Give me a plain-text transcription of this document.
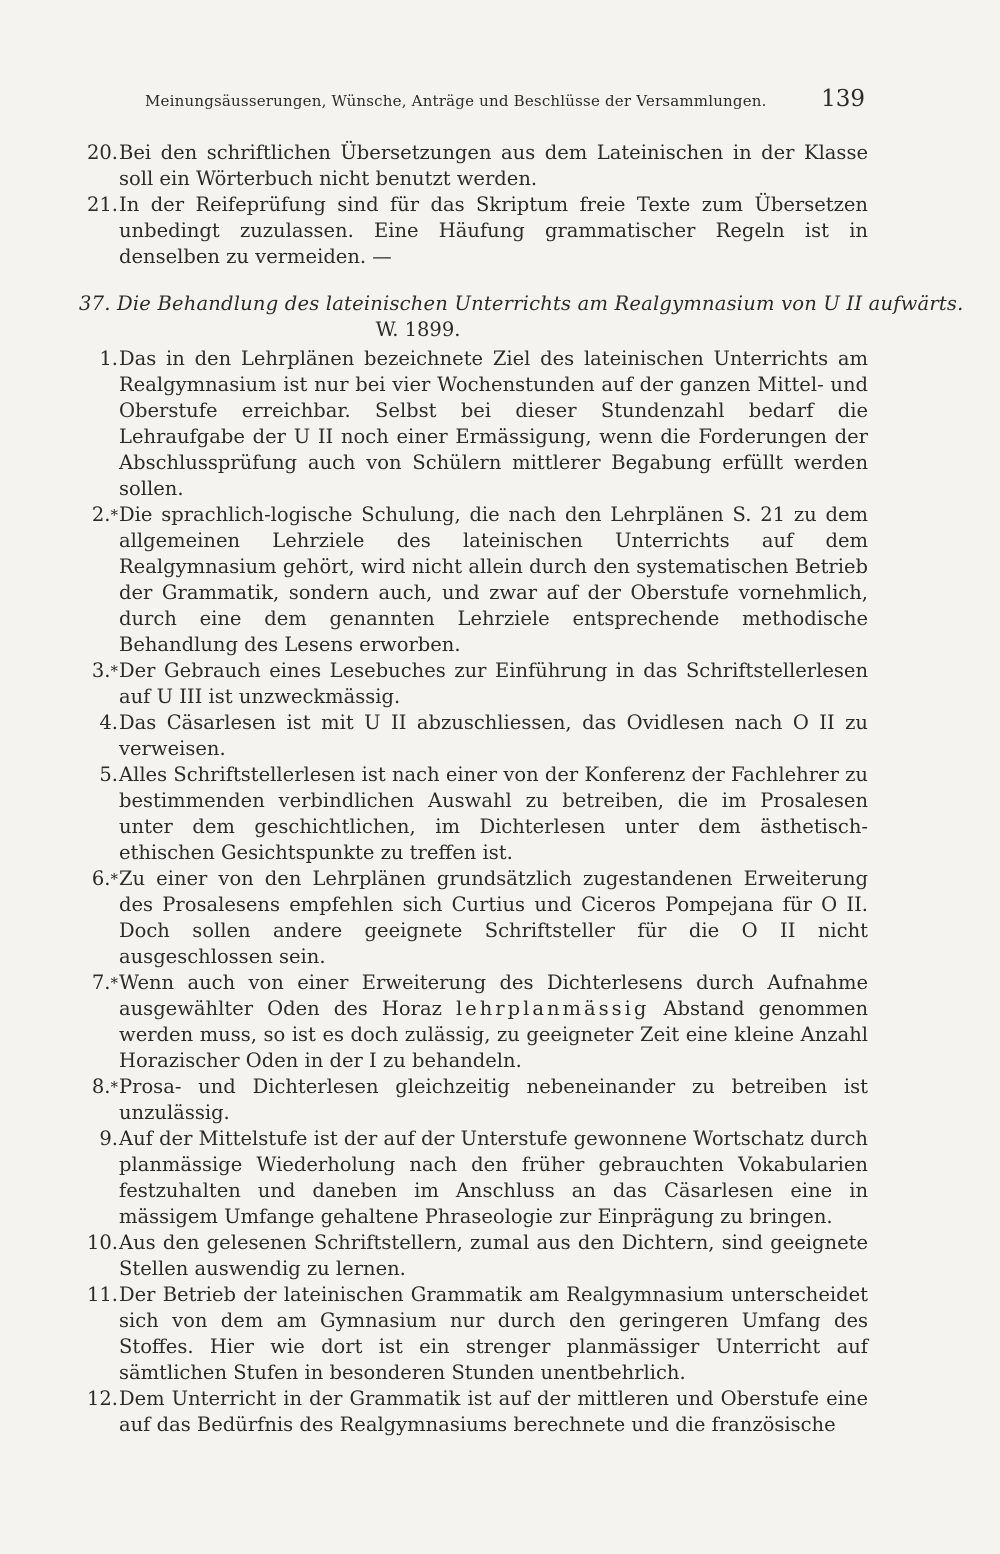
Meinungsäusserungen, Wünsche, Anträge und Beschlüsse der Versammlungen. 139
20. Bei den schriftlichen Übersetzungen aus dem Lateinischen in der Klasse soll ein Wörterbuch nicht benutzt werden.
21. In der Reifeprüfung sind für das Skriptum freie Texte zum Übersetzen unbedingt zuzulassen. Eine Häufung grammatischer Regeln ist in denselben zu vermeiden. —
37. Die Behandlung des lateinischen Unterrichts am Realgymnasium von U II aufwärts.
W. 1899.
1. Das in den Lehrplänen bezeichnete Ziel des lateinischen Unterrichts am Realgymnasium ist nur bei vier Wochenstunden auf der ganzen Mittel- und Oberstufe erreichbar. Selbst bei dieser Stundenzahl bedarf die Lehraufgabe der U II noch einer Ermässigung, wenn die Forderungen der Abschlussprüfung auch von Schülern mittlerer Begabung erfüllt werden sollen.
2.* Die sprachlich-logische Schulung, die nach den Lehrplänen S. 21 zu dem allgemeinen Lehrziele des lateinischen Unterrichts auf dem Realgymnasium gehört, wird nicht allein durch den systematischen Betrieb der Grammatik, sondern auch, und zwar auf der Oberstufe vornehmlich, durch eine dem genannten Lehrziele entsprechende methodische Behandlung des Lesens erworben.
3.* Der Gebrauch eines Lesebuches zur Einführung in das Schriftstellerlesen auf U III ist unzweckmässig.
4. Das Cäsarlesen ist mit U II abzuschliessen, das Ovidlesen nach O II zu verweisen.
5. Alles Schriftstellerlesen ist nach einer von der Konferenz der Fachlehrer zu bestimmenden verbindlichen Auswahl zu betreiben, die im Prosalesen unter dem geschichtlichen, im Dichterlesen unter dem ästhetisch-ethischen Gesichtspunkte zu treffen ist.
6.* Zu einer von den Lehrplänen grundsätzlich zugestandenen Erweiterung des Prosalesens empfehlen sich Curtius und Ciceros Pompejana für O II. Doch sollen andere geeignete Schriftsteller für die O II nicht ausgeschlossen sein.
7.* Wenn auch von einer Erweiterung des Dichterlesens durch Aufnahme ausgewählter Oden des Horaz lehrplanmässig Abstand genommen werden muss, so ist es doch zulässig, zu geeigneter Zeit eine kleine Anzahl Horazischer Oden in der I zu behandeln.
8.* Prosa- und Dichterlesen gleichzeitig nebeneinander zu betreiben ist unzulässig.
9. Auf der Mittelstufe ist der auf der Unterstufe gewonnene Wortschatz durch planmässige Wiederholung nach den früher gebrauchten Vokabularien festzuhalten und daneben im Anschluss an das Cäsarlesen eine in mässigem Umfange gehaltene Phraseologie zur Einprägung zu bringen.
10. Aus den gelesenen Schriftstellern, zumal aus den Dichtern, sind geeignete Stellen auswendig zu lernen.
11. Der Betrieb der lateinischen Grammatik am Realgymnasium unterscheidet sich von dem am Gymnasium nur durch den geringeren Umfang des Stoffes. Hier wie dort ist ein strenger planmässiger Unterricht auf sämtlichen Stufen in besonderen Stunden unentbehrlich.
12. Dem Unterricht in der Grammatik ist auf der mittleren und Oberstufe eine auf das Bedürfnis des Realgymnasiums berechnete und die französische
